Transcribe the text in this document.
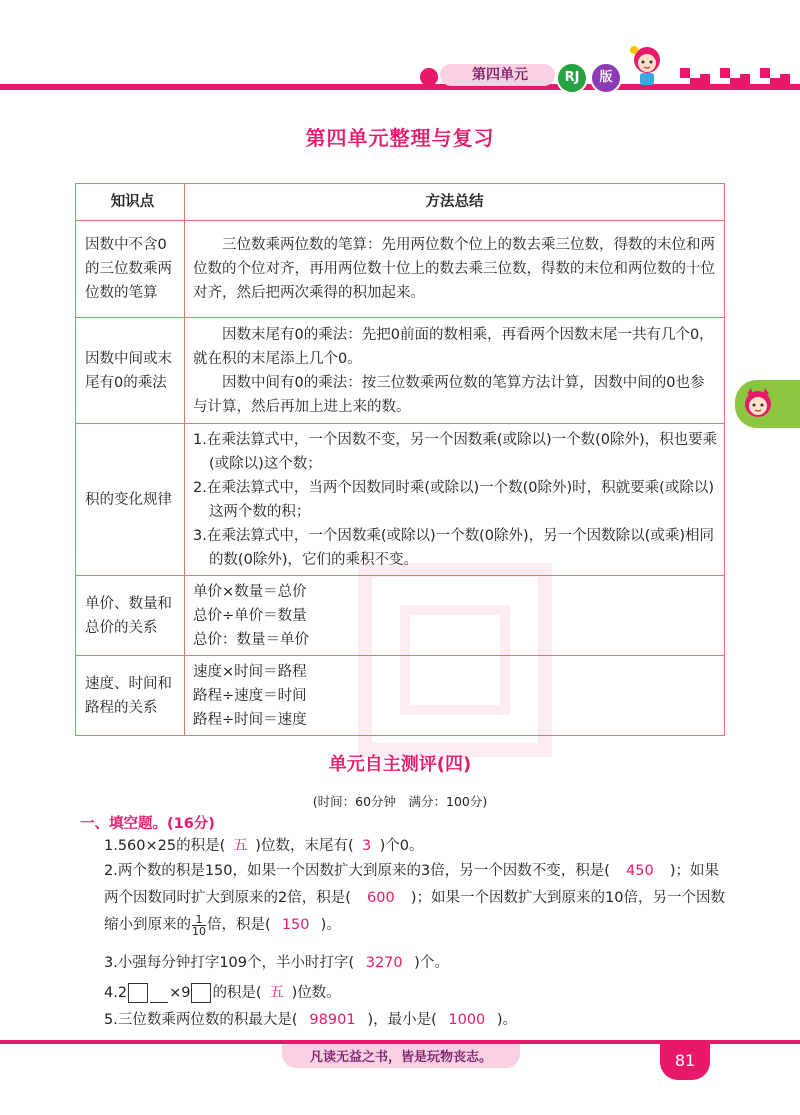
第四单元	RJ	版
第四单元整理与复习
知识点	方法总结
因数中不含0的三位数乘两位数的笔算	三位数乘两位数的笔算：先用两位数个位上的数去乘三位数，得数的末位和两位数的个位对齐，再用两位数十位上的数去乘三位数，得数的末位和两位数的十位对齐，然后把两次乘得的积加起来。

因数中间或末尾有0的乘法	因数末尾有0的乘法：先把0前面的数相乘，再看两个因数末尾一共有几个0，就在积的末尾添上几个0。

因数中间有0的乘法：按三位数乘两位数的笔算方法计算，因数中间的0也参与计算，然后再加上进上来的数。

积的变化规律	1.在乘法算式中，一个因数不变，另一个因数乘(或除以)一个数(0除外)，积也要乘(或除以)这个数；

2.在乘法算式中，当两个因数同时乘(或除以)一个数(0除外)时，积就要乘(或除以)这两个数的积；

3.在乘法算式中，一个因数乘(或除以)一个数(0除外)，另一个因数除以(或乘)相同的数(0除外)，它们的乘积不变。

单价、数量和总价的关系	单价×数量＝总价

总价÷单价＝数量

总价：数量＝单价

速度、时间和路程的关系	速度×时间＝路程

路程÷速度＝时间

路程÷时间＝速度

单元自主测评(四)
(时间：60分钟　满分：100分)
一、填空题。(16分)
1.560×25的积是( 五 )位数，末尾有( 3 )个0。
2.两个数的积是150，如果一个因数扩大到原来的3倍，另一个因数不变，积是( 450 )；如果两个因数同时扩大到原来的2倍，积是( 600 )；如果一个因数扩大到原来的10倍，另一个因数缩小到原来的 $\frac{1}{10}$ 倍，积是( 150 )。
3.小强每分钟打字109个，半小时打字( 3270 )个。
4.2	×9 的积是( 五 )位数。
5.三位数乘两位数的积最大是( 98901 )，最小是( 1000 )。
凡读无益之书，皆是玩物丧志。	81
